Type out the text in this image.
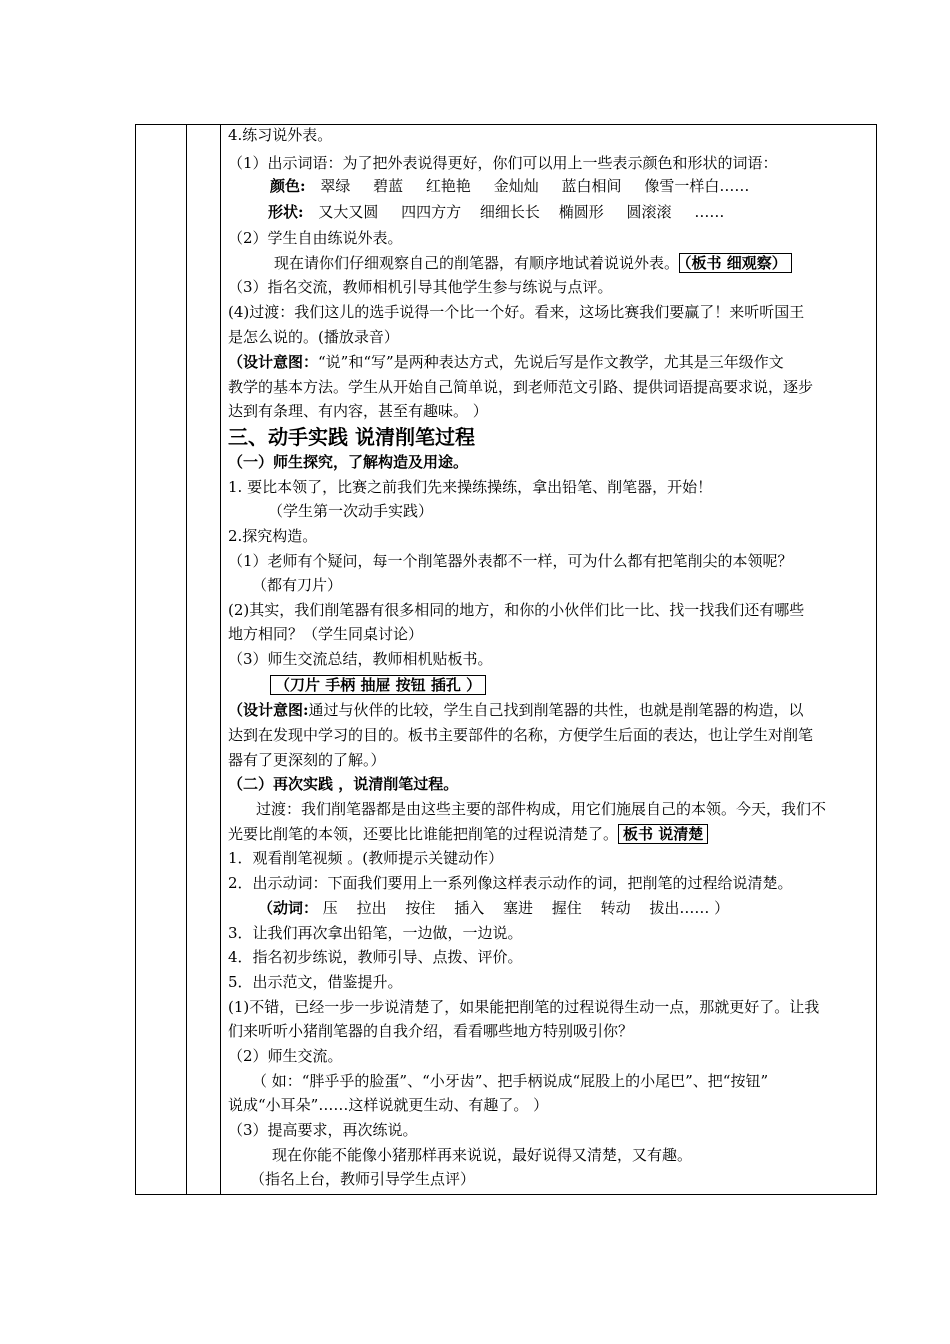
4.练习说外表。
（1）出示词语：为了把外表说得更好，你们可以用上一些表示颜色和形状的词语：
颜色: 翠绿 碧蓝 红艳艳 金灿灿 蓝白相间 像雪一样白……
形状: 又大又圆 四四方方 细细长长 椭圆形 圆滚滚 ……
（2）学生自由练说外表。
现在请你们仔细观察自己的削笔器，有顺序地试着说说外表。 （板书 细观察）
（3）指名交流，教师相机引导其他学生参与练说与点评。
(4)过渡：我们这儿的选手说得一个比一个好。看来，这场比赛我们要赢了！来听听国王
是怎么说的。(播放录音）
（设计意图：“说”和“写”是两种表达方式，先说后写是作文教学，尤其是三年级作文
教学的基本方法。学生从开始自己简单说，到老师范文引路、提供词语提高要求说，逐步
达到有条理、有内容，甚至有趣味。 ）
三、动手实践 说清削笔过程
（一）师生探究，了解构造及用途。
1. 要比本领了，比赛之前我们先来操练操练，拿出铅笔、削笔器，开始！
（学生第一次动手实践）
2.探究构造。
（1）老师有个疑问，每一个削笔器外表都不一样，可为什么都有把笔削尖的本领呢？
（都有刀片）
(2)其实，我们削笔器有很多相同的地方，和你的小伙伴们比一比、找一找我们还有哪些
地方相同？（学生同桌讨论）
（3）师生交流总结，教师相机贴板书。
（刀片 手柄 抽屉 按钮 插孔 ）
（设计意图:通过与伙伴的比较，学生自己找到削笔器的共性，也就是削笔器的构造，以
达到在发现中学习的目的。板书主要部件的名称，方便学生后面的表达，也让学生对削笔
器有了更深刻的了解。）
（二）再次实践 ，说清削笔过程。
过渡：我们削笔器都是由这些主要的部件构成，用它们施展自己的本领。今天，我们不
光要比削笔的本领，还要比比谁能把削笔的过程说清楚了。 板书 说清楚
1．观看削笔视频 。(教师提示关键动作）
2．出示动词：下面我们要用上一系列像这样表示动作的词，把削笔的过程给说清楚。
（动词： 压 拉出 按住 插入 塞进 握住 转动 拔出…… ）
3．让我们再次拿出铅笔，一边做，一边说。
4．指名初步练说，教师引导、点拨、评价。
5．出示范文，借鉴提升。
(1)不错，已经一步一步说清楚了，如果能把削笔的过程说得生动一点，那就更好了。让我
们来听听小猪削笔器的自我介绍，看看哪些地方特别吸引你？
（2）师生交流。
（ 如：“胖乎乎的脸蛋”、“小牙齿”、把手柄说成“屁股上的小尾巴”、把“按钮”
说成“小耳朵”……这样说就更生动、有趣了。 ）
（3）提高要求，再次练说。
现在你能不能像小猪那样再来说说，最好说得又清楚，又有趣。
（指名上台，教师引导学生点评）
